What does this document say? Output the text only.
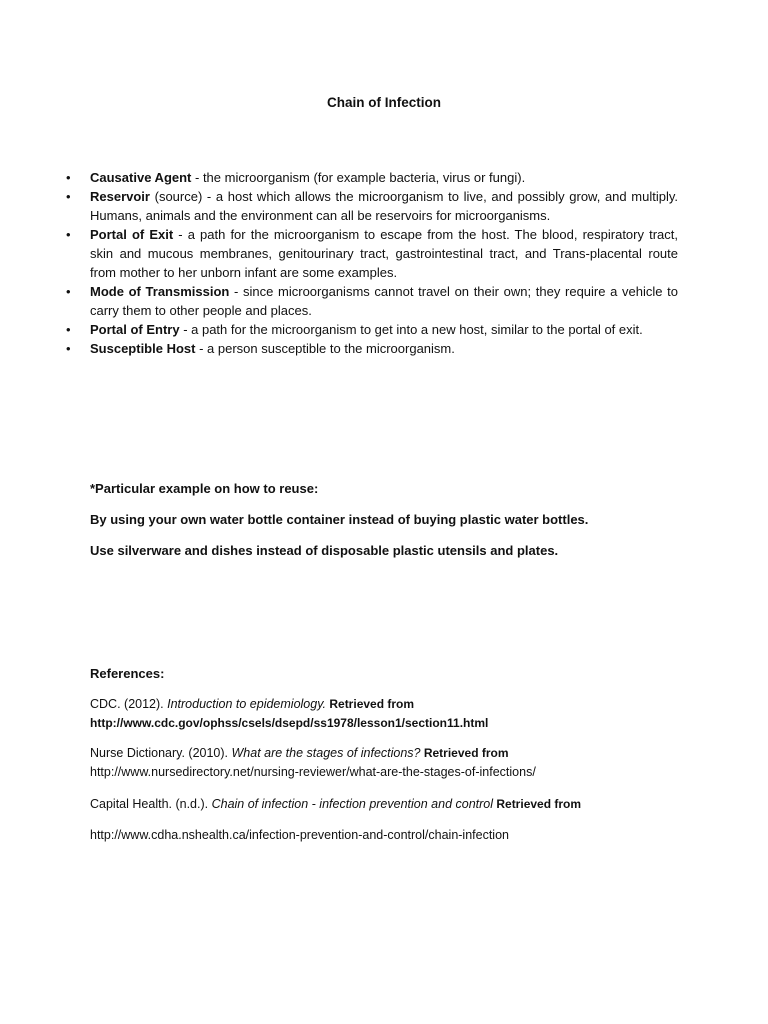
Chain of Infection
• Causative Agent - the microorganism (for example bacteria, virus or fungi).
• Reservoir (source) - a host which allows the microorganism to live, and possibly grow, and multiply. Humans, animals and the environment can all be reservoirs for microorganisms.
• Portal of Exit - a path for the microorganism to escape from the host. The blood, respiratory tract, skin and mucous membranes, genitourinary tract, gastrointestinal tract, and Trans-placental route from mother to her unborn infant are some examples.
• Mode of Transmission - since microorganisms cannot travel on their own; they require a vehicle to carry them to other people and places.
• Portal of Entry - a path for the microorganism to get into a new host, similar to the portal of exit.
• Susceptible Host - a person susceptible to the microorganism.
*Particular example on how to reuse:
By using your own water bottle container instead of buying plastic water bottles.
Use silverware and dishes instead of disposable plastic utensils and plates.
References:
CDC. (2012). Introduction to epidemiology. Retrieved from
http://www.cdc.gov/ophss/csels/dsepd/ss1978/lesson1/section11.html
Nurse Dictionary. (2010). What are the stages of infections? Retrieved from
http://www.nursedirectory.net/nursing-reviewer/what-are-the-stages-of-infections/
Capital Health. (n.d.). Chain of infection - infection prevention and control Retrieved from
http://www.cdha.nshealth.ca/infection-prevention-and-control/chain-infection
